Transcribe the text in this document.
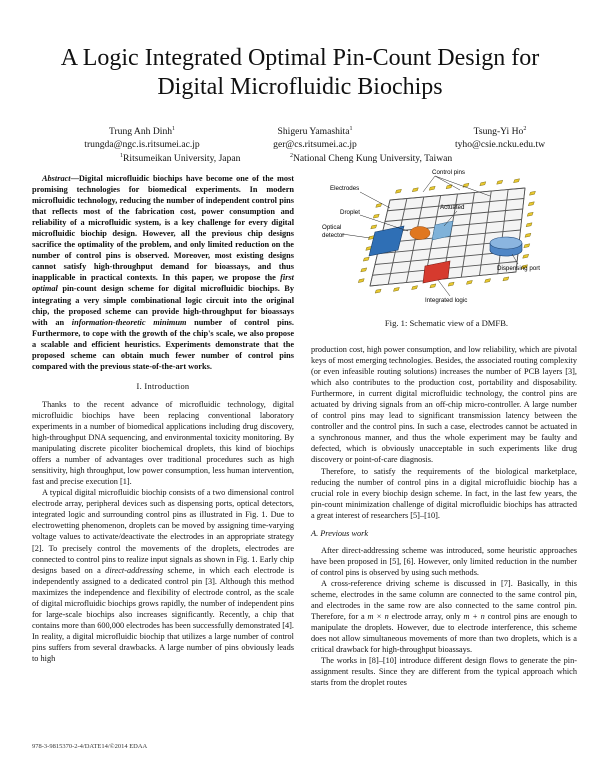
A Logic Integrated Optimal Pin-Count Design for
Digital Microfluidic Biochips
Trung Anh Dinh$^1$
trungda@ngc.is.ritsumei.ac.jp
Shigeru Yamashita$^1$
ger@cs.ritsumei.ac.jp
Tsung-Yi Ho$^2$
tyho@csie.ncku.edu.tw
$^1$Ritsumeikan University, Japan	$^2$National Cheng Kung University, Taiwan

Abstract—Digital microfluidic biochips have become one of the most promising technologies for biomedical experiments. In modern microfluidic technology, reducing the number of independent control pins that reflects most of the fabrication cost, power consumption and reliability of a microfluidic system, is a key challenge for every digital microfluidic biochip design. However, all the previous chip designs sacrifice the optimality of the problem, and only limited reduction on the number of control pins is observed. Moreover, most existing designs cannot satisfy high-throughput demand for bioassays, and thus inapplicable in practical contexts. In this paper, we propose the first optimal pin-count design scheme for digital microfluidic biochips. By integrating a very simple combinational logic circuit into the original chip, the proposed scheme can provide high-throughput for bioassays with an information-theoretic minimum number of control pins. Furthermore, to cope with the growth of the chip's scale, we also propose a scalable and efficient heuristics. Experiments demonstrate that the proposed scheme can obtain much fewer number of control pins compared with the previous state-of-the-art works.

I. Introduction

Thanks to the recent advance of microfluidic technology, digital microfluidic biochips have been replacing conventional laboratory experiments in a number of biomedical applications including drug discovery, high-throughput DNA sequencing, and environmental toxicity monitoring. By manipulating discrete picoliter biochemical droplets, this kind of biochips offers a number of advantages over traditional procedures such as high sensitivity, high throughput, low power consumption, less human intervention, fast and precise execution [1].

A typical digital microfluidic biochip consists of a two dimensional control electrode array, peripheral devices such as dispensing ports, optical detectors, integrated logic and surrounding control pins as illustrated in Fig. 1. Due to electrowetting phenomenon, droplets can be moved by assigning time-varying voltage values to activate/deactivate the electrodes in an appropriate strategy [2]. To precisely control the movements of the droplets, electrodes are connected to control pins to realize input signals as shown in Fig. 1. Early chip designs based on a direct-addressing scheme, in which each electrode is independently assigned to a dedicated control pin [3]. Although this method maximizes the independence and flexibility of electrode control, as the scale of digital microfluidic biochips grows rapidly, the number of independent pins for large-scale biochips also increases significantly. Recently, a chip that contains more than 600,000 electrodes has been successfully demonstrated [4]. In reality, a digital microfluidic biochip that utilizes a large number of control pins suffers from several drawbacks. A large number of pins obviously leads to high

Control pins
Electrodes
Actuated
Droplet
Optical
detector
Dispensing port
Integrated logic
Fig. 1: Schematic view of a DMFB.

production cost, high power consumption, and low reliability, which are pivotal keys of most emerging technologies. Besides, the associated routing complexity (or even infeasible routing solutions) increases the number of PCB layers [3], which also contributes to the production cost, portability and disposability. Furthermore, in current digital microfluidic technology, the control pins are actuated by driving signals from an off-chip micro-controller. A large number of control pins may lead to significant transmission latency between the controller and the control pins. In such a case, electrodes cannot be actuated in a synchronous manner, and thus the whole experiment may be faulty and defected, which is obviously unacceptable in such experiments like drug discovery or point-of-care diagnosis.

Therefore, to satisfy the requirements of the biological marketplace, reducing the number of control pins in a digital microfluidic biochip has a crucial role in every biochip design scheme. In fact, in the last few years, the pin-count minimization challenge of digital microfluidic biochips has attracted a great interest of researchers [5]–[10].

A. Previous work

After direct-addressing scheme was introduced, some heuristic approaches have been proposed in [5], [6]. However, only limited reduction in the number of control pins is observed by using such methods.

A cross-reference driving scheme is discussed in [7]. Basically, in this scheme, electrodes in the same column are connected to the same control pin, and electrodes in the same row are also connected to the same control pin. Therefore, for a m × n electrode array, only m + n control pins are enough to manipulate the droplets. However, due to electrode interference, this scheme does not allow simultaneous movements of more than two droplets, which is a critical drawback for high-throughput bioassays.

The works in [8]–[10] introduce different design flows to generate the pin-assignment results. Since they are different from the typical approach which starts from the droplet routes

978-3-9815370-2-4/DATE14/©2014 EDAA
